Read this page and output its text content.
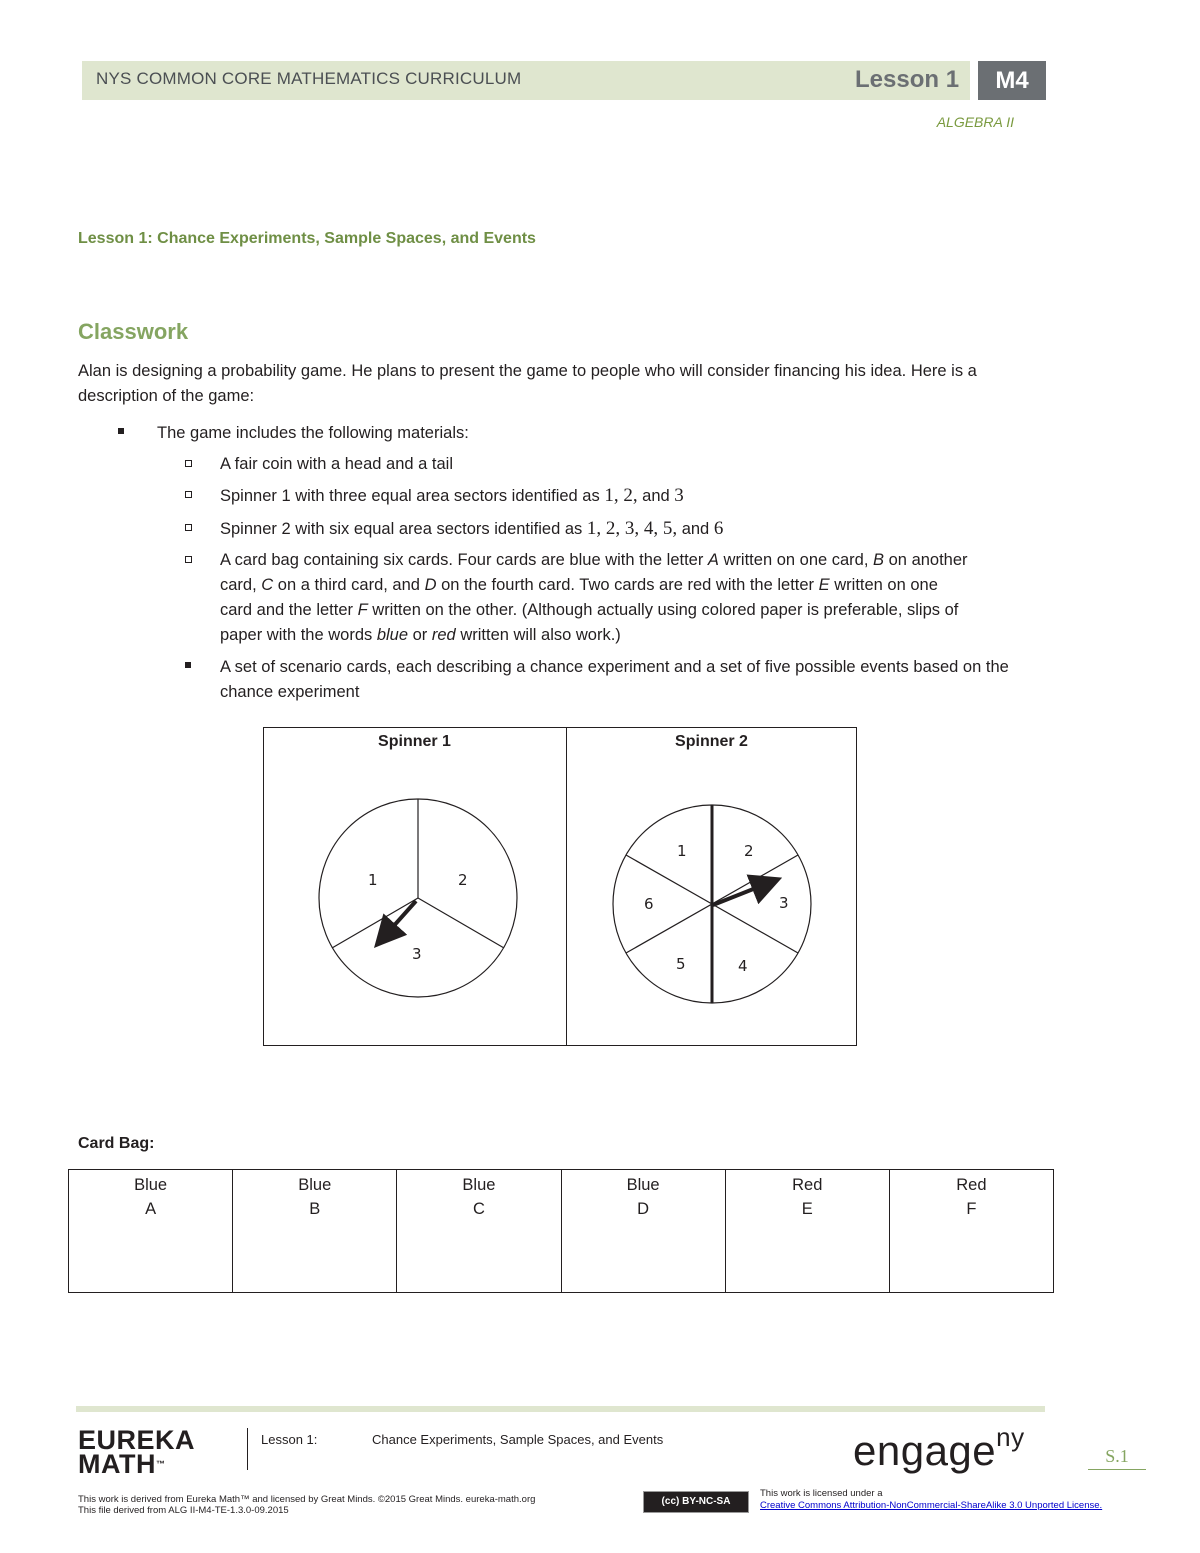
NYS COMMON CORE MATHEMATICS CURRICULUM	Lesson 1	M4
ALGEBRA II
Lesson 1: Chance Experiments, Sample Spaces, and Events
Classwork
Alan is designing a probability game. He plans to present the game to people who will consider financing his idea. Here is a description of the game:
The game includes the following materials:
A fair coin with a head and a tail
Spinner 1 with three equal area sectors identified as 1, 2, and 3
Spinner 2 with six equal area sectors identified as 1, 2, 3, 4, 5, and 6
A card bag containing six cards. Four cards are blue with the letter A written on one card, B on another
card, C on a third card, and D on the fourth card. Two cards are red with the letter E written on one
card and the letter F written on the other. (Although actually using colored paper is preferable, slips of
paper with the words blue or red written will also work.)
A set of scenario cards, each describing a chance experiment and a set of five possible events based on the chance experiment
Spinner 1	Spinner 2
1	2
3
1	2
3
4
5
6
Card Bag:
Blue
A

Blue
B

Blue
C

Blue
D

Red
E

Red
F
EUREKA
MATH™
Lesson 1:	Chance Experiments, Sample Spaces, and Events	engage$^{ny}$
S.1
This work is derived from Eureka Math™ and licensed by Great Minds. ©2015 Great Minds. eureka-math.org
This file derived from ALG II-M4-TE-1.3.0-09.2015
(cc) BY-NC-SA
This work is licensed under a
Creative Commons Attribution-NonCommercial-ShareAlike 3.0 Unported License.
